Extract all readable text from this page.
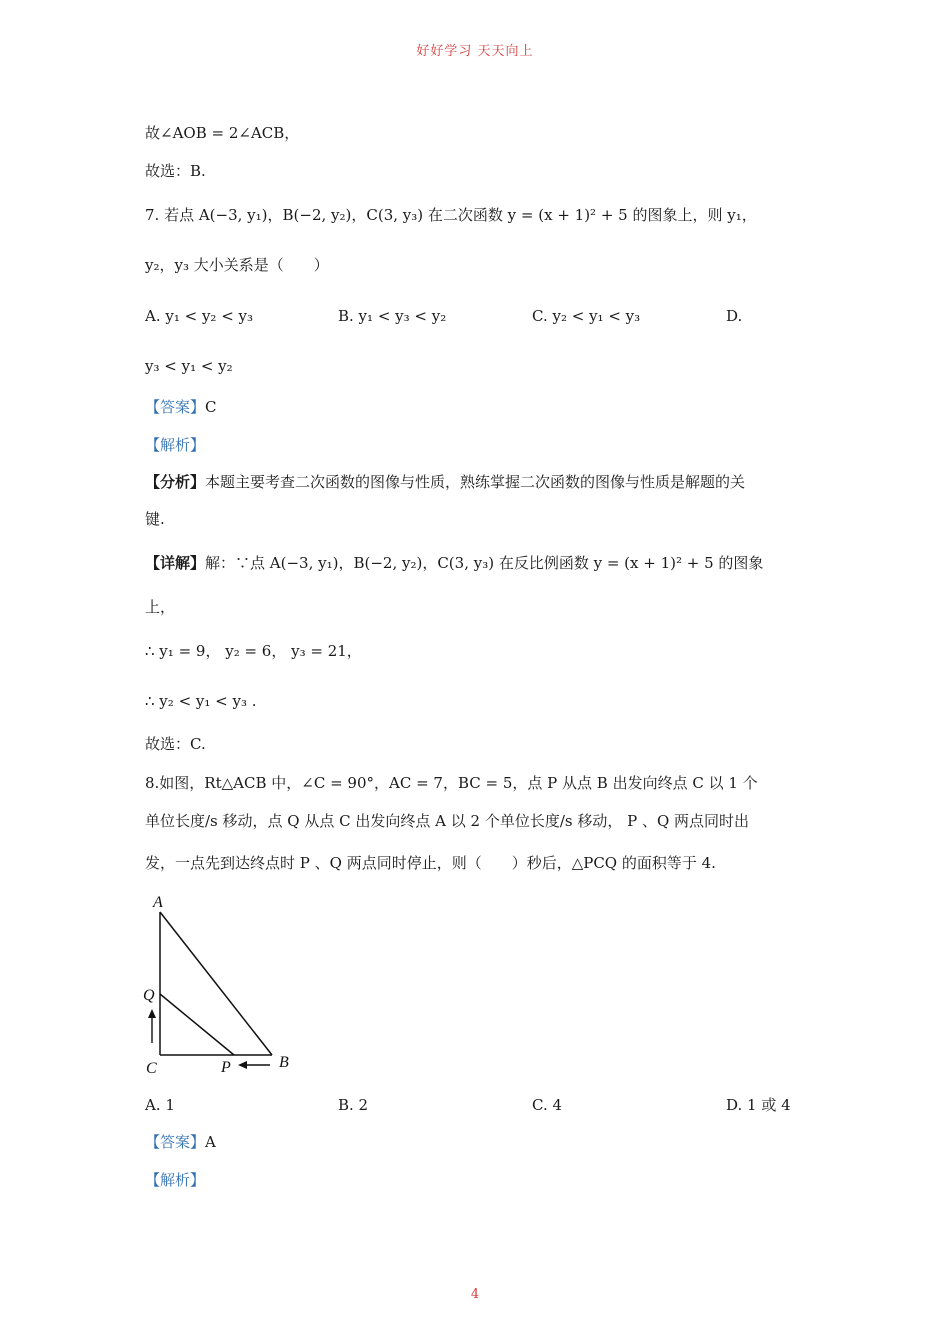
好好学习 天天向上
故∠AOB = 2∠ACB，
故选：B.
7. 若点 A(−3, y₁)，B(−2, y₂)，C(3, y₃) 在二次函数 y = (x + 1)² + 5 的图象上，则 y₁，
y₂，y₃ 大小关系是（　　）
A. y₁ < y₂ < y₃	B. y₁ < y₃ < y₂	C. y₂ < y₁ < y₃	D.
y₃ < y₁ < y₂
【答案】C
【解析】
【分析】本题主要考查二次函数的图像与性质，熟练掌握二次函数的图像与性质是解题的关
键.
【详解】解：∵点 A(−3, y₁)，B(−2, y₂)，C(3, y₃) 在反比例函数 y = (x + 1)² + 5 的图象
上，
∴ y₁ = 9， y₂ = 6， y₃ = 21，
∴ y₂ < y₁ < y₃ .
故选：C.
8.如图，Rt△ACB 中，∠C = 90°，AC = 7，BC = 5，点 P 从点 B 出发向终点 C 以 1 个
单位长度/s 移动，点 Q 从点 C 出发向终点 A 以 2 个单位长度/s 移动， P 、Q 两点同时出
发，一点先到达终点时 P 、Q 两点同时停止，则（　　）秒后，△PCQ 的面积等于 4.
A
Q
C	P	B
A. 1	B. 2	C. 4	D. 1 或 4
【答案】A
【解析】
4
